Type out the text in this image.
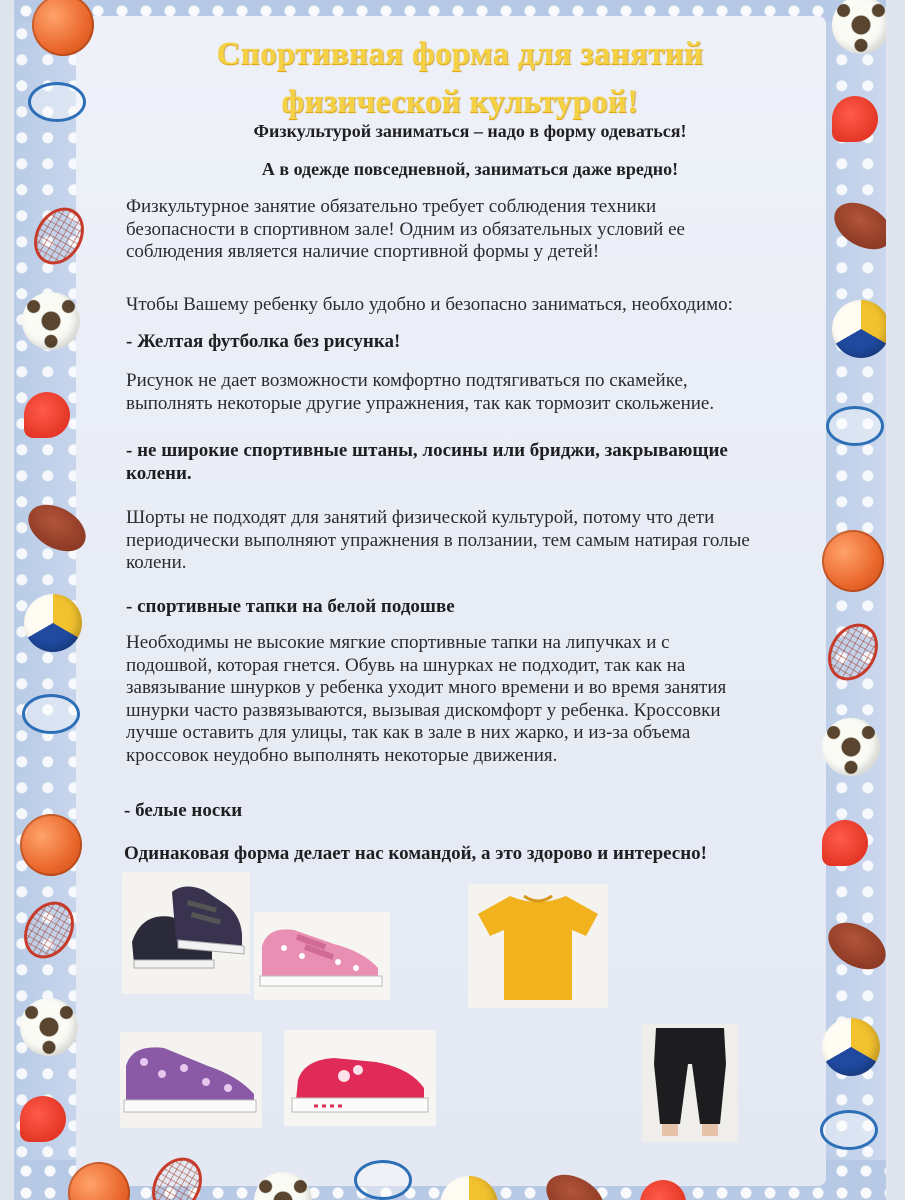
Спортивная форма для занятий
физической культурой!
Физкультурой заниматься – надо в форму одеваться!
А в одежде повседневной, заниматься даже вредно!
Физкультурное занятие обязательно требует соблюдения техники
безопасности в спортивном зале! Одним из обязательных условий ее
соблюдения является наличие спортивной формы у детей!
Чтобы Вашему ребенку было удобно и безопасно заниматься, необходимо:
- Желтая футболка без рисунка!
Рисунок не дает возможности комфортно подтягиваться по скамейке,
выполнять некоторые другие упражнения, так как тормозит скольжение.
- не широкие спортивные штаны, лосины или бриджи, закрывающие
колени.
Шорты не подходят для занятий физической культурой, потому что дети
периодически выполняют упражнения в ползании, тем самым натирая голые
колени.
- спортивные тапки на белой подошве
Необходимы не высокие мягкие спортивные тапки на липучках и с
подошвой, которая гнется. Обувь на шнурках не подходит, так как на
завязывание шнурков у ребенка уходит много времени и во время занятия
шнурки часто развязываются, вызывая дискомфорт у ребенка. Кроссовки
лучше оставить для улицы, так как в зале в них жарко, и из-за объема
кроссовок неудобно выполнять некоторые движения.
- белые носки
Одинаковая форма делает нас командой, а это здорово и интересно!
